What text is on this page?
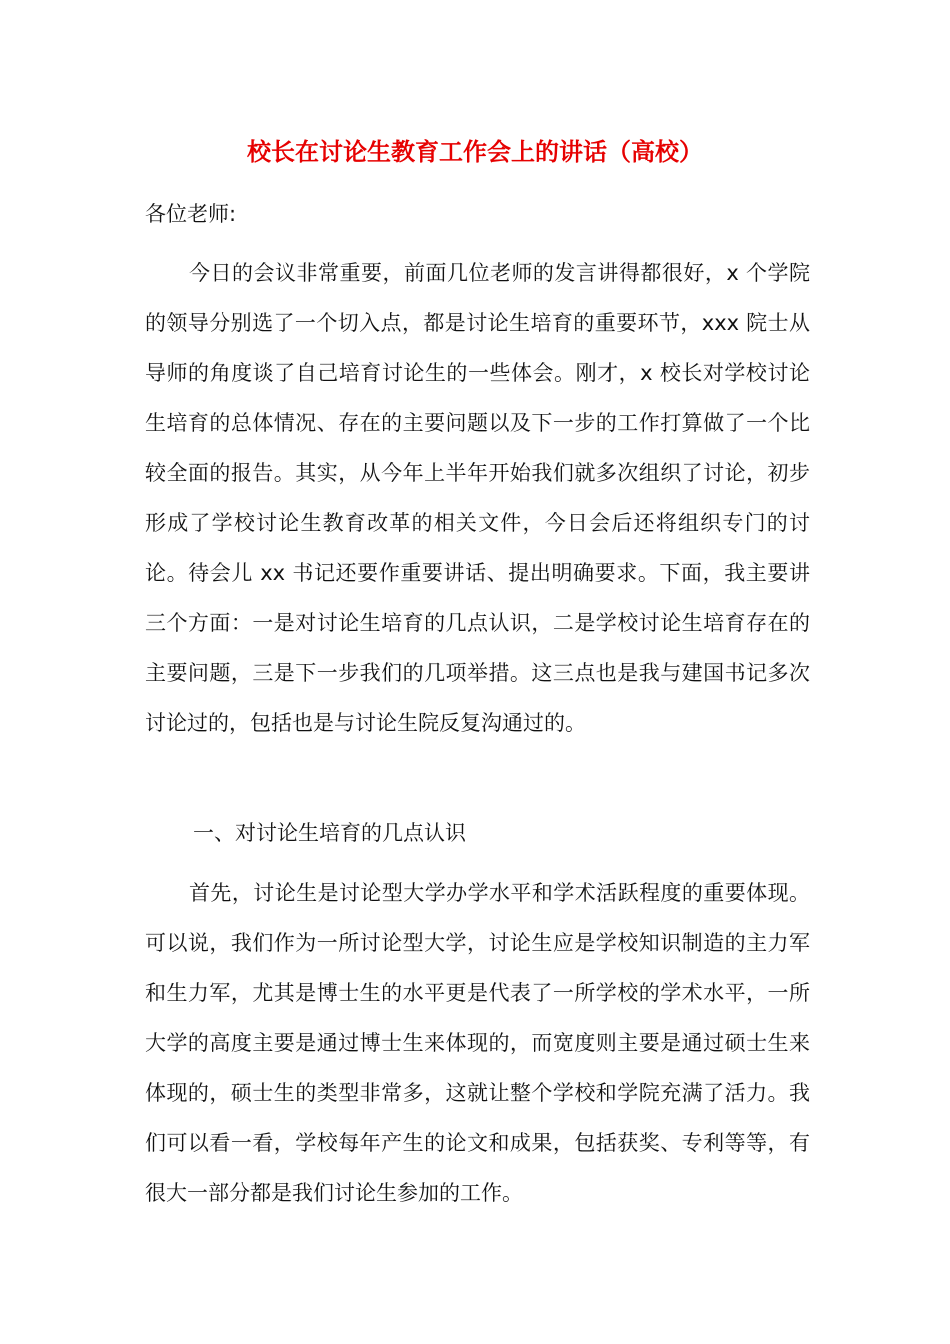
校长在讨论生教育工作会上的讲话（高校）

各位老师:

今日的会议非常重要，前面几位老师的发言讲得都很好，x 个学院的领导分别选了一个切入点，都是讨论生培育的重要环节，xxx 院士从导师的角度谈了自己培育讨论生的一些体会。刚才，x 校长对学校讨论生培育的总体情况、存在的主要问题以及下一步的工作打算做了一个比较全面的报告。其实，从今年上半年开始我们就多次组织了讨论，初步形成了学校讨论生教育改革的相关文件，今日会后还将组织专门的讨论。待会儿 xx 书记还要作重要讲话、提出明确要求。下面，我主要讲三个方面：一是对讨论生培育的几点认识，二是学校讨论生培育存在的主要问题，三是下一步我们的几项举措。这三点也是我与建国书记多次讨论过的，包括也是与讨论生院反复沟通过的。

一、对讨论生培育的几点认识

首先，讨论生是讨论型大学办学水平和学术活跃程度的重要体现。可以说，我们作为一所讨论型大学，讨论生应是学校知识制造的主力军和生力军，尤其是博士生的水平更是代表了一所学校的学术水平，一所大学的高度主要是通过博士生来体现的，而宽度则主要是通过硕士生来体现的，硕士生的类型非常多，这就让整个学校和学院充满了活力。我们可以看一看，学校每年产生的论文和成果，包括获奖、专利等等，有很大一部分都是我们讨论生参加的工作。
